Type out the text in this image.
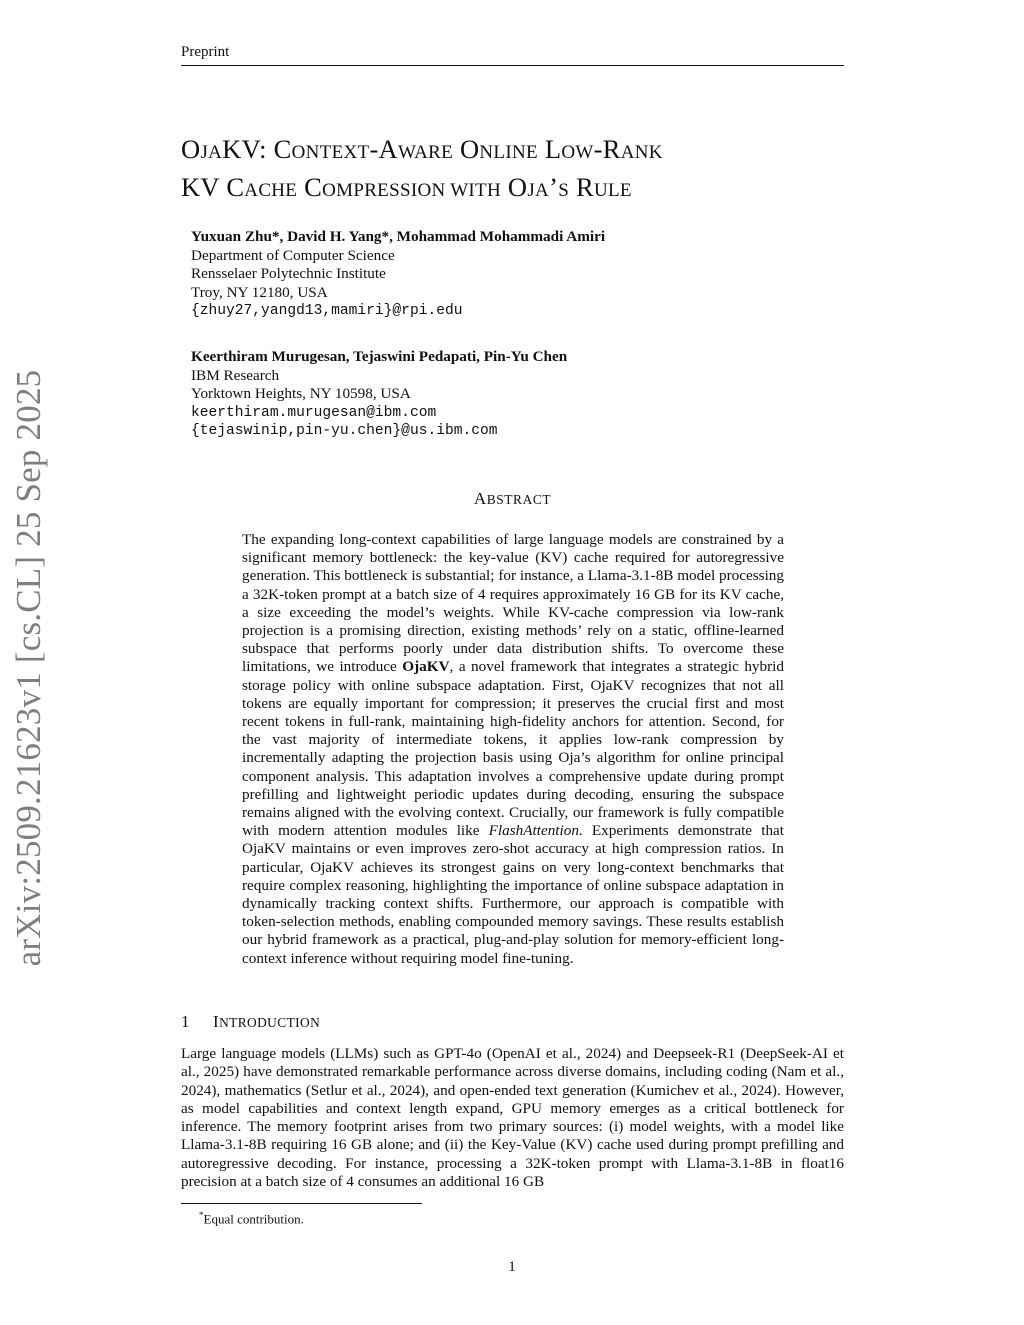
Preprint
arXiv:2509.21623v1 [cs.CL] 25 Sep 2025
OJAKV: CONTEXT-AWARE ONLINE LOW-RANK
KV CACHE COMPRESSION WITH OJA’S RULE
Yuxuan Zhu*, David H. Yang*, Mohammad Mohammadi Amiri
Department of Computer Science
Rensselaer Polytechnic Institute
Troy, NY 12180, USA
{zhuy27,yangd13,mamiri}@rpi.edu
Keerthiram Murugesan, Tejaswini Pedapati, Pin-Yu Chen
IBM Research
Yorktown Heights, NY 10598, USA
keerthiram.murugesan@ibm.com
{tejaswinip,pin-yu.chen}@us.ibm.com
ABSTRACT
The expanding long-context capabilities of large language models are constrained by a significant memory bottleneck: the key-value (KV) cache required for autoregressive generation. This bottleneck is substantial; for instance, a Llama-3.1-8B model processing a 32K-token prompt at a batch size of 4 requires approximately 16 GB for its KV cache, a size exceeding the model’s weights. While KV-cache compression via low-rank projection is a promising direction, existing methods’ rely on a static, offline-learned subspace that performs poorly under data distribution shifts. To overcome these limitations, we introduce OjaKV, a novel framework that integrates a strategic hybrid storage policy with online subspace adaptation. First, OjaKV recognizes that not all tokens are equally important for compression; it preserves the crucial first and most recent tokens in full-rank, maintaining high-fidelity anchors for attention. Second, for the vast majority of intermediate tokens, it applies low-rank compression by incrementally adapting the projection basis using Oja’s algorithm for online principal component analysis. This adaptation involves a comprehensive update during prompt prefilling and lightweight periodic updates during decoding, ensuring the subspace remains aligned with the evolving context. Crucially, our framework is fully compatible with modern attention modules like FlashAttention. Experiments demonstrate that OjaKV maintains or even improves zero-shot accuracy at high compression ratios. In particular, OjaKV achieves its strongest gains on very long-context benchmarks that require complex reasoning, highlighting the importance of online subspace adaptation in dynamically tracking context shifts. Furthermore, our approach is compatible with token-selection methods, enabling compounded memory savings. These results establish our hybrid framework as a practical, plug-and-play solution for memory-efficient long-context inference without requiring model fine-tuning.
1 INTRODUCTION
Large language models (LLMs) such as GPT-4o (OpenAI et al., 2024) and Deepseek-R1 (DeepSeek-AI et al., 2025) have demonstrated remarkable performance across diverse domains, including coding (Nam et al., 2024), mathematics (Setlur et al., 2024), and open-ended text generation (Kumichev et al., 2024). However, as model capabilities and context length expand, GPU memory emerges as a critical bottleneck for inference. The memory footprint arises from two primary sources: (i) model weights, with a model like Llama-3.1-8B requiring 16 GB alone; and (ii) the Key-Value (KV) cache used during prompt prefilling and autoregressive decoding. For instance, processing a 32K-token prompt with Llama-3.1-8B in float16 precision at a batch size of 4 consumes an additional 16 GB
*Equal contribution.
1
